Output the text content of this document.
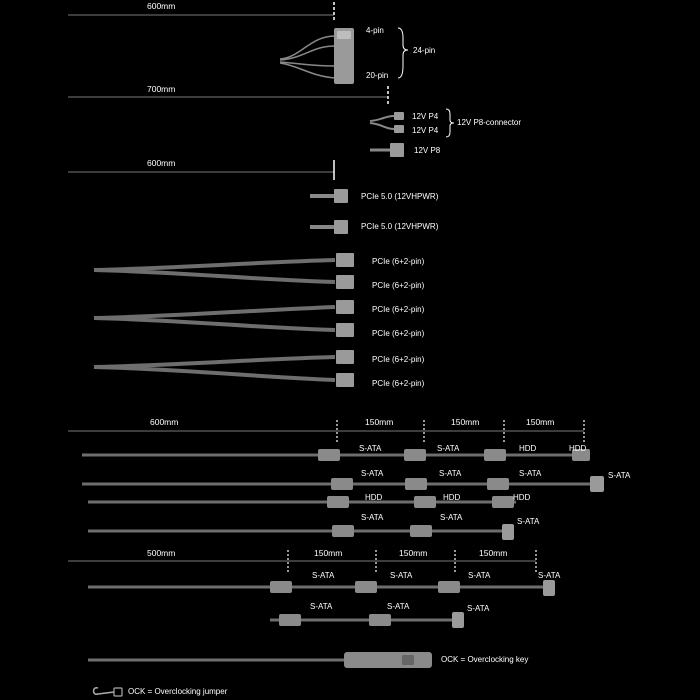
600mm
4-pin
20-pin
24-pin
700mm
12V P4
12V P4
12V P8-connector
12V P8
600mm
PCIe 5.0 (12VHPWR)
PCIe 5.0 (12VHPWR)
PCIe (6+2-pin)
PCIe (6+2-pin)
PCIe (6+2-pin)
PCIe (6+2-pin)
PCIe (6+2-pin)
PCIe (6+2-pin)
600mm	150mm	150mm	150mm
S-ATA	S-ATA	HDD	HDD
S-ATA	S-ATA	S-ATA	S-ATA
HDD	HDD	HDD
S-ATA	S-ATA	S-ATA
500mm	150mm	150mm	150mm
S-ATA	S-ATA	S-ATA	S-ATA
S-ATA	S-ATA	S-ATA
OCK = Overclocking key
OCK = Overclocking jumper
